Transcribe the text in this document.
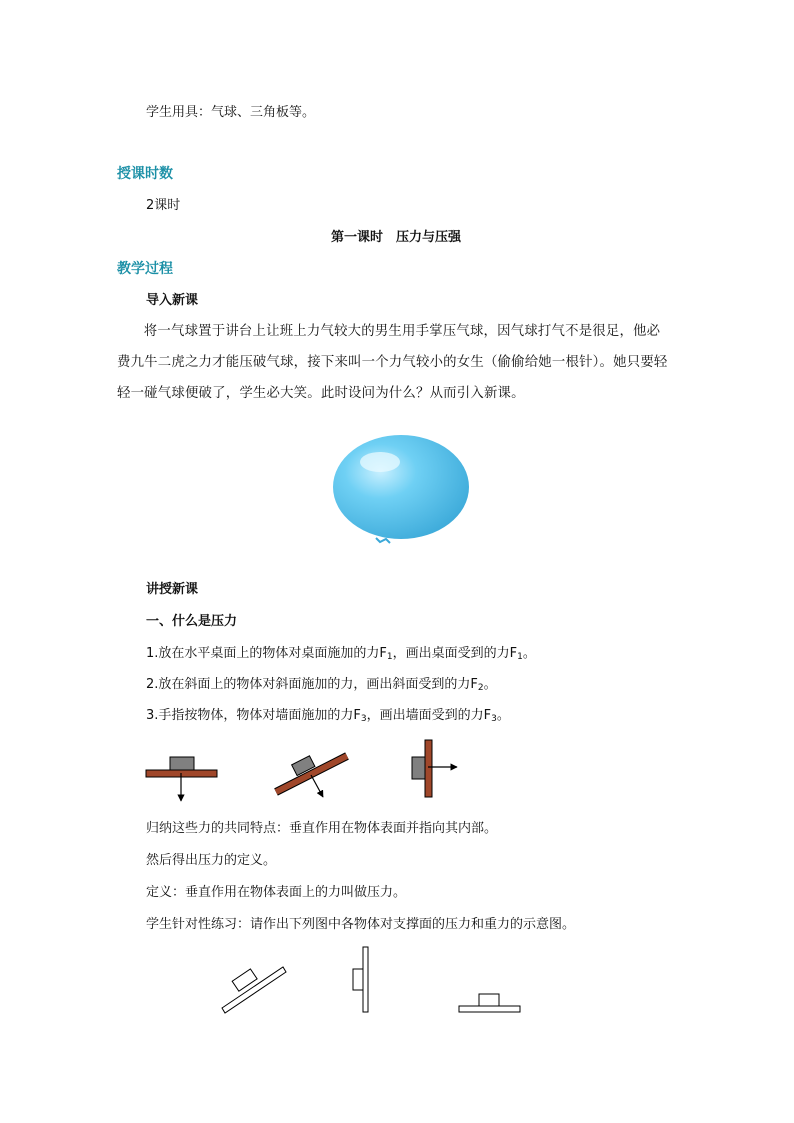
学生用具：气球、三角板等。
授课时数
2课时
第一课时　压力与压强
教学过程
导入新课
将一气球置于讲台上让班上力气较大的男生用手掌压气球，因气球打气不是很足，他必费九牛二虎之力才能压破气球，接下来叫一个力气较小的女生（偷偷给她一根针）。她只要轻轻一碰气球便破了，学生必大笑。此时设问为什么？从而引入新课。
讲授新课
一、什么是压力
1.放在水平桌面上的物体对桌面施加的力$F_1$，画出桌面受到的力$F_1$。
2.放在斜面上的物体对斜面施加的力，画出斜面受到的力$F_2$。
3.手指按物体，物体对墙面施加的力$F_3$，画出墙面受到的力$F_3$。
归纳这些力的共同特点：垂直作用在物体表面并指向其内部。
然后得出压力的定义。
定义：垂直作用在物体表面上的力叫做压力。
学生针对性练习：请作出下列图中各物体对支撑面的压力和重力的示意图。
